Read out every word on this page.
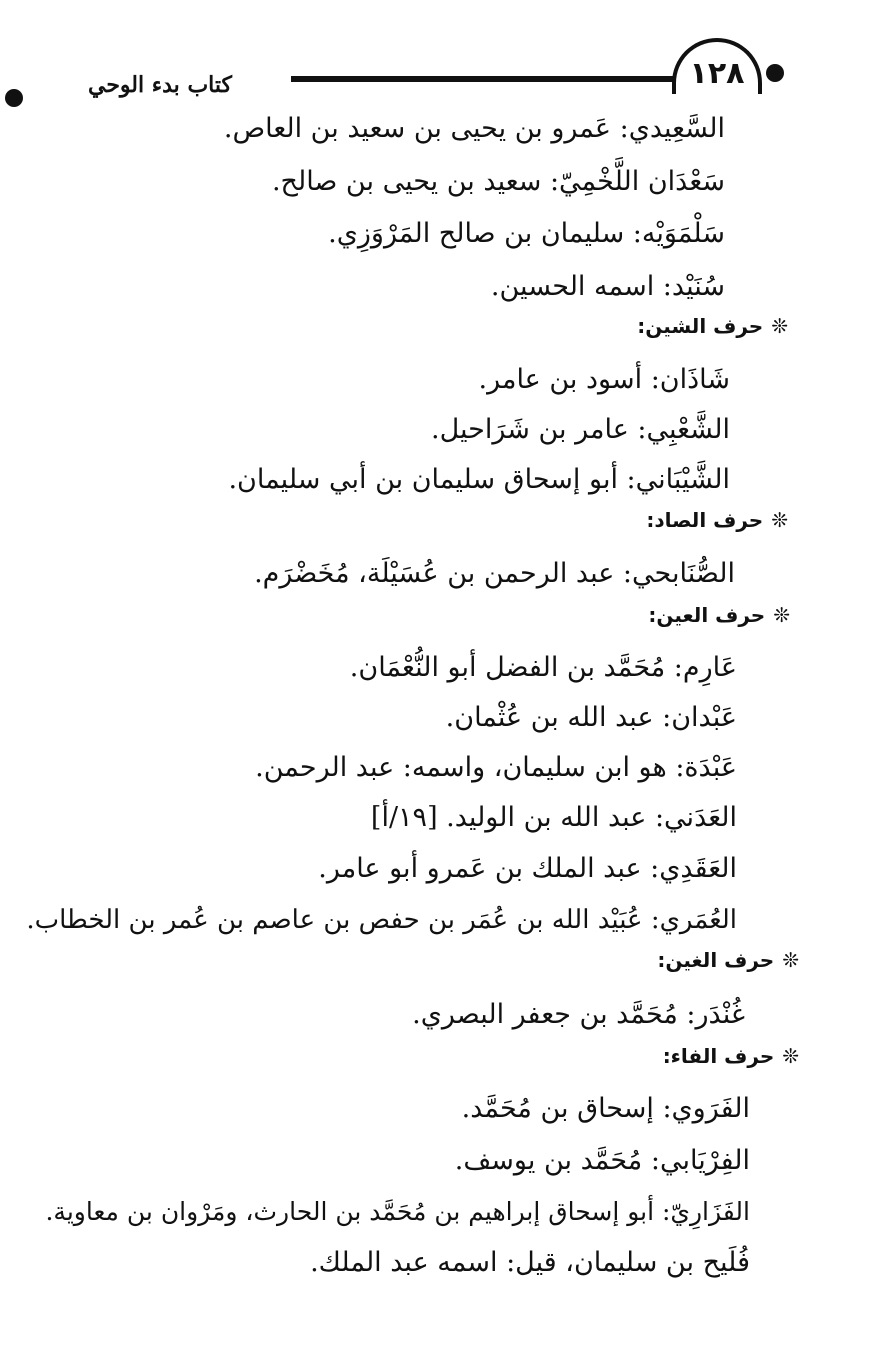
كتاب بدء الوحي	١٢٨
السَّعِيدي: عَمرو بن يحيى بن سعيد بن العاص.
سَعْدَان اللَّخْمِيّ: سعيد بن يحيى بن صالح.
سَلْمَوَيْه: سليمان بن صالح المَرْوَزِي.
سُنَيْد: اسمه الحسين.
❊حرف الشين:
شَاذَان: أسود بن عامر.
الشَّعْبِي: عامر بن شَرَاحيل.
الشَّيْبَاني: أبو إسحاق سليمان بن أبي سليمان.
❊حرف الصاد:
الصُّنَابحي: عبد الرحمن بن عُسَيْلَة، مُخَضْرَم.
❊حرف العين:
عَارِم: مُحَمَّد بن الفضل أبو النُّعْمَان.
عَبْدان: عبد الله بن عُثْمان.
عَبْدَة: هو ابن سليمان، واسمه: عبد الرحمن.
العَدَني: عبد الله بن الوليد. [١٩/أ]
العَقَدِي: عبد الملك بن عَمرو أبو عامر.
العُمَري: عُبَيْد الله بن عُمَر بن حفص بن عاصم بن عُمر بن الخطاب.
❊حرف الغين:
غُنْدَر: مُحَمَّد بن جعفر البصري.
❊حرف الفاء:
الفَرَوي: إسحاق بن مُحَمَّد.
الفِرْيَابي: مُحَمَّد بن يوسف.
الفَزَارِيّ: أبو إسحاق إبراهيم بن مُحَمَّد بن الحارث، ومَرْوان بن معاوية.
فُلَيح بن سليمان، قيل: اسمه عبد الملك.
